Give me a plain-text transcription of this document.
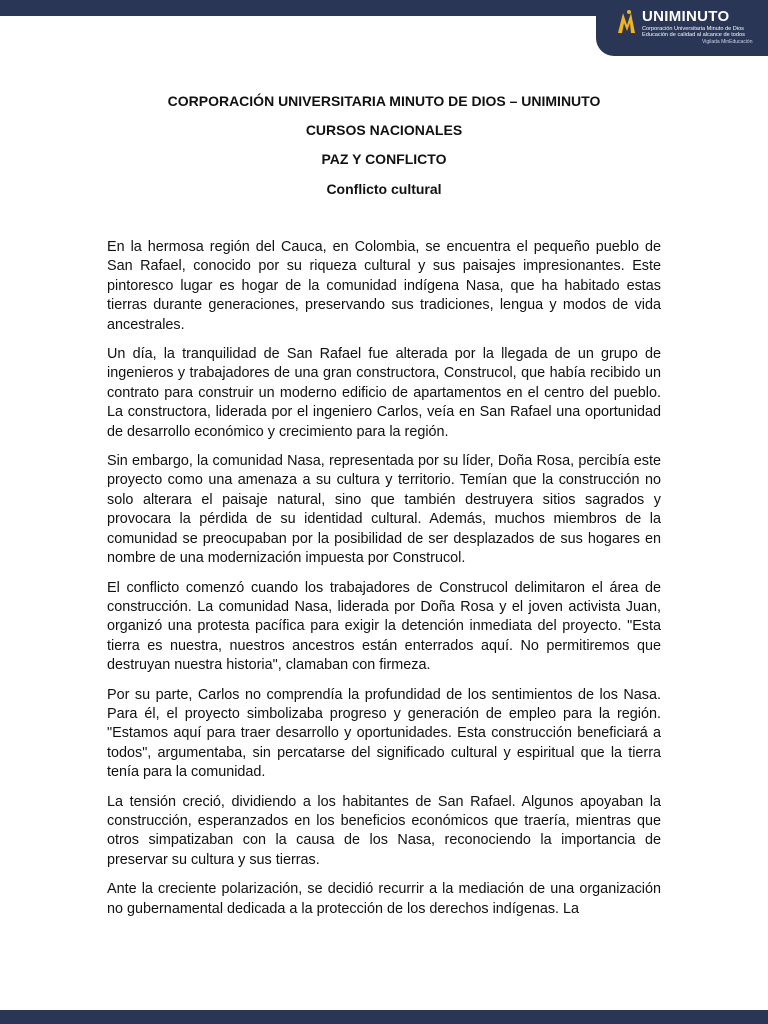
UNIMINUTO
Corporación Universitaria Minuto de Dios
Educación de calidad al alcance de todos
Vigilada MinEducación
CORPORACIÓN UNIVERSITARIA MINUTO DE DIOS – UNIMINUTO
CURSOS NACIONALES
PAZ Y CONFLICTO
Conflicto cultural

En la hermosa región del Cauca, en Colombia, se encuentra el pequeño pueblo de San Rafael, conocido por su riqueza cultural y sus paisajes impresionantes. Este pintoresco lugar es hogar de la comunidad indígena Nasa, que ha habitado estas tierras durante generaciones, preservando sus tradiciones, lengua y modos de vida ancestrales.

Un día, la tranquilidad de San Rafael fue alterada por la llegada de un grupo de ingenieros y trabajadores de una gran constructora, Construcol, que había recibido un contrato para construir un moderno edificio de apartamentos en el centro del pueblo. La constructora, liderada por el ingeniero Carlos, veía en San Rafael una oportunidad de desarrollo económico y crecimiento para la región.

Sin embargo, la comunidad Nasa, representada por su líder, Doña Rosa, percibía este proyecto como una amenaza a su cultura y territorio. Temían que la construcción no solo alterara el paisaje natural, sino que también destruyera sitios sagrados y provocara la pérdida de su identidad cultural. Además, muchos miembros de la comunidad se preocupaban por la posibilidad de ser desplazados de sus hogares en nombre de una modernización impuesta por Construcol.

El conflicto comenzó cuando los trabajadores de Construcol delimitaron el área de construcción. La comunidad Nasa, liderada por Doña Rosa y el joven activista Juan, organizó una protesta pacífica para exigir la detención inmediata del proyecto. "Esta tierra es nuestra, nuestros ancestros están enterrados aquí. No permitiremos que destruyan nuestra historia", clamaban con firmeza.

Por su parte, Carlos no comprendía la profundidad de los sentimientos de los Nasa. Para él, el proyecto simbolizaba progreso y generación de empleo para la región. "Estamos aquí para traer desarrollo y oportunidades. Esta construcción beneficiará a todos", argumentaba, sin percatarse del significado cultural y espiritual que la tierra tenía para la comunidad.

La tensión creció, dividiendo a los habitantes de San Rafael. Algunos apoyaban la construcción, esperanzados en los beneficios económicos que traería, mientras que otros simpatizaban con la causa de los Nasa, reconociendo la importancia de preservar su cultura y sus tierras.

Ante la creciente polarización, se decidió recurrir a la mediación de una organización no gubernamental dedicada a la protección de los derechos indígenas. La
